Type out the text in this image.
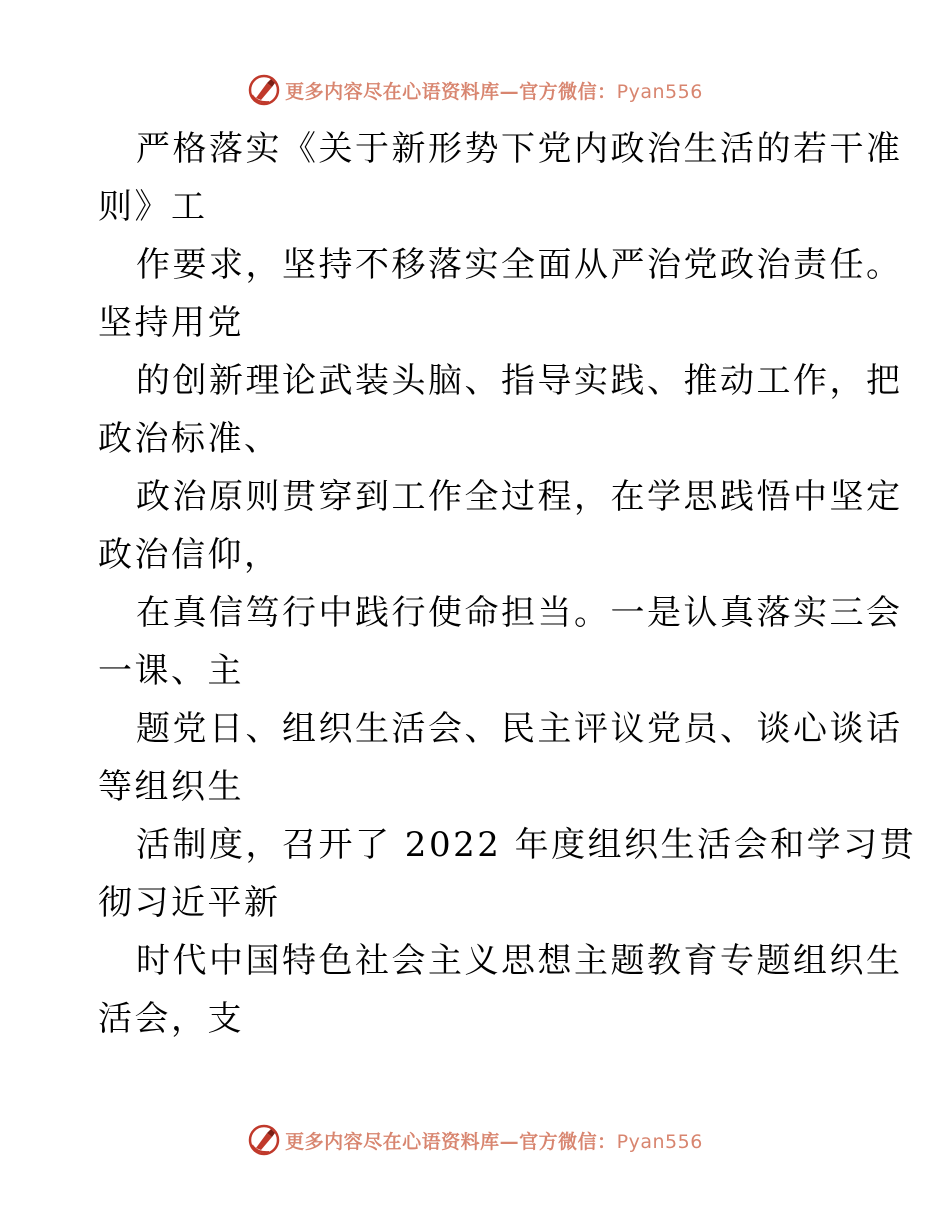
更多内容尽在心语资料库—官方微信：Pyan556
严格落实《关于新形势下党内政治生活的若干准
则》工
作要求，坚持不移落实全面从严治党政治责任。
坚持用党
的创新理论武装头脑、指导实践、推动工作，把
政治标准、
政治原则贯穿到工作全过程，在学思践悟中坚定
政治信仰，
在真信笃行中践行使命担当。一是认真落实三会
一课、主
题党日、组织生活会、民主评议党员、谈心谈话
等组织生
活制度，召开了 2022 年度组织生活会和学习贯
彻习近平新
时代中国特色社会主义思想主题教育专题组织生
活会，支
更多内容尽在心语资料库—官方微信：Pyan556
